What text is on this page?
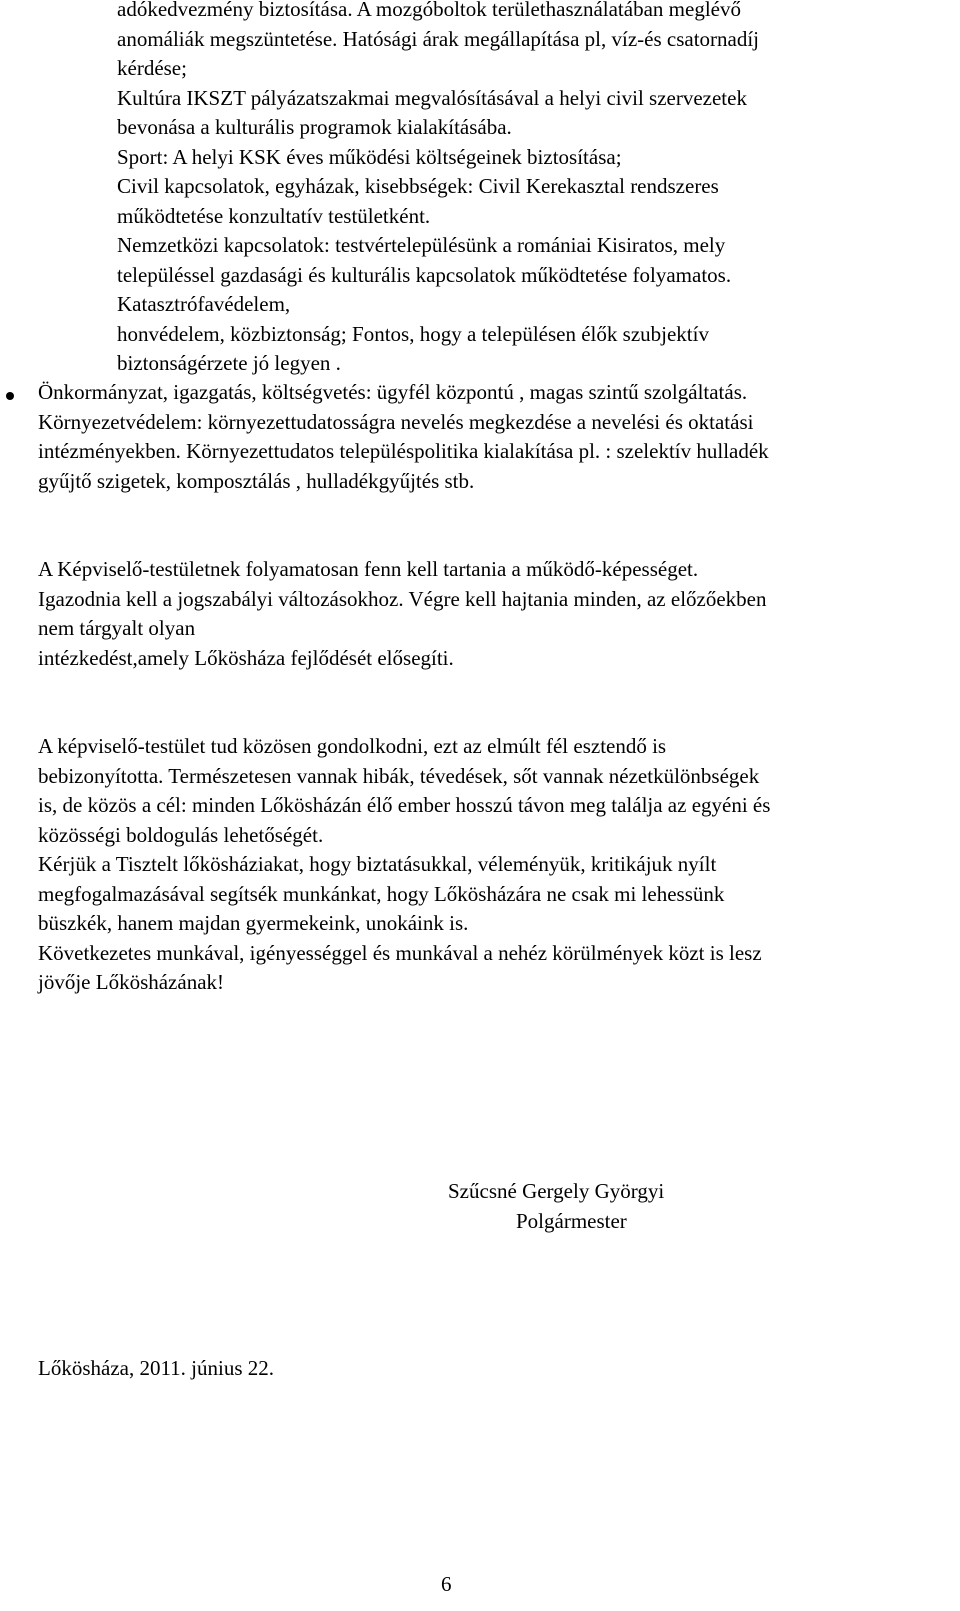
adókedvezmény biztosítása. A mozgóboltok területhasználatában meglévő
anomáliák megszüntetése. Hatósági árak megállapítása pl, víz-és csatornadíj
kérdése;
Kultúra IKSZT pályázatszakmai megvalósításával a helyi civil szervezetek
bevonása a kulturális programok kialakításába.
Sport: A helyi KSK éves működési költségeinek biztosítása;
Civil kapcsolatok, egyházak, kisebbségek: Civil Kerekasztal rendszeres
működtetése konzultatív testületként.
Nemzetközi kapcsolatok: testvértelepülésünk a romániai Kisiratos, mely
településsel gazdasági és kulturális kapcsolatok működtetése folyamatos.
Katasztrófavédelem,
honvédelem, közbiztonság; Fontos, hogy a településen élők szubjektív
biztonságérzete jó legyen .
Önkormányzat, igazgatás, költségvetés: ügyfél központú , magas szintű szolgáltatás.
Környezetvédelem: környezettudatosságra nevelés megkezdése a nevelési és oktatási
intézményekben. Környezettudatos településpolitika kialakítása pl. : szelektív hulladék
gyűjtő szigetek, komposztálás , hulladékgyűjtés stb.
A Képviselő-testületnek folyamatosan fenn kell tartania a működő-képességet.
Igazodnia kell a jogszabályi változásokhoz. Végre kell hajtania minden, az előzőekben
nem tárgyalt olyan
intézkedést,amely Lőkösháza fejlődését elősegíti.
A képviselő-testület tud közösen gondolkodni, ezt az elmúlt fél esztendő is
bebizonyította. Természetesen vannak hibák, tévedések, sőt vannak nézetkülönbségek
is, de közös a cél: minden Lőkösházán élő ember hosszú távon meg találja az egyéni és
közösségi boldogulás lehetőségét.
Kérjük a Tisztelt lőkösháziakat, hogy biztatásukkal, véleményük, kritikájuk nyílt
megfogalmazásával segítsék munkánkat, hogy Lőkösházára ne csak mi lehessünk
büszkék, hanem majdan gyermekeink, unokáink is.
Következetes munkával, igényességgel és munkával a nehéz körülmények közt is lesz
jövője Lőkösházának!
Szűcsné Gergely Györgyi
Polgármester
Lőkösháza, 2011. június 22.
6
